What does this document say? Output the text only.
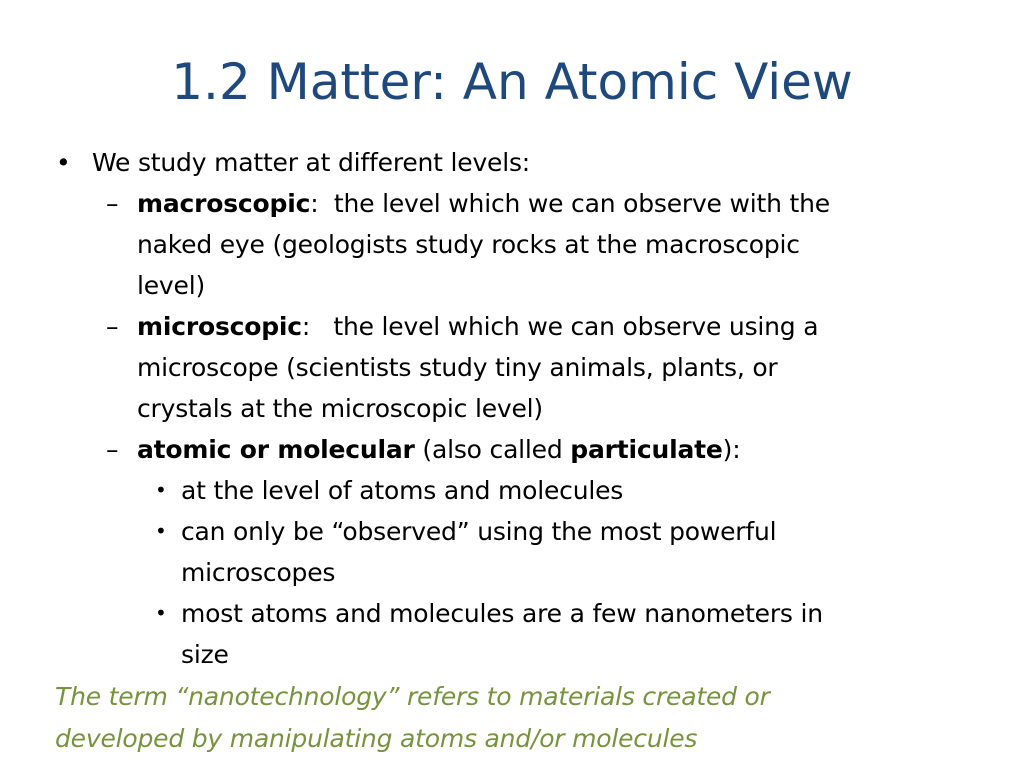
1.2 Matter: An Atomic View
• We study matter at different levels:
– macroscopic:  the level which we can observe with the
naked eye (geologists study rocks at the macroscopic
level)
– microscopic:   the level which we can observe using a
microscope (scientists study tiny animals, plants, or
crystals at the microscopic level)
– atomic or molecular (also called particulate):
• at the level of atoms and molecules
• can only be “observed” using the most powerful
microscopes
• most atoms and molecules are a few nanometers in
size
The term “nanotechnology” refers to materials created or
developed by manipulating atoms and/or molecules
